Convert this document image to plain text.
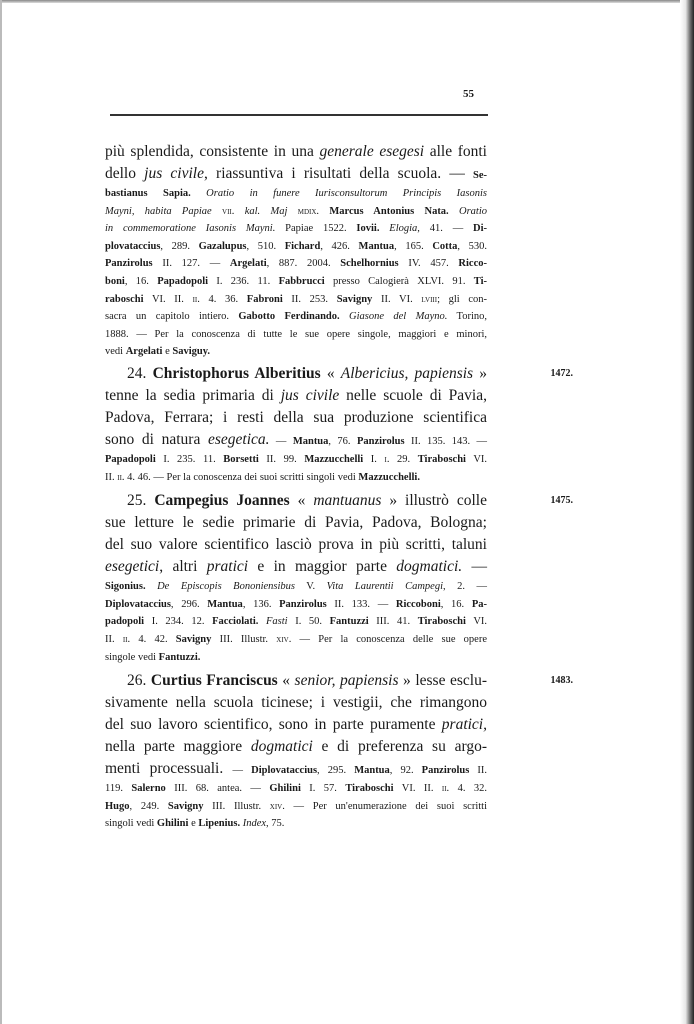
55
più splendida, consistente in una generale esegesi alle fonti
dello jus civile, riassuntiva i risultati della scuola. — Se-
bastianus Sapia. Oratio in funere Iurisconsultorum Principis Iasonis
Mayni, habita Papiae vii. kal. Maj mdix. Marcus Antonius Nata. Oratio
in commemoratione Iasonis Mayni. Papiae 1522. Iovii. Elogia, 41. — Di-
plovataccius, 289. Gazalupus, 510. Fichard, 426. Mantua, 165. Cotta, 530.
Panzirolus II. 127. — Argelati, 887. 2004. Schelhornius IV. 457. Ricco-
boni, 16. Papadopoli I. 236. 11. Fabbrucci presso Calogierà XLVI. 91. Ti-
raboschi VI. II. ii. 4. 36. Fabroni II. 253. Savigny II. VI. lviii; gli con-
sacra un capitolo intiero. Gabotto Ferdinando. Giasone del Mayno. Torino,
1888. — Per la conoscenza di tutte le sue opere singole, maggiori e minori,
vedi Argelati e Saviguy.
1472.
24. Christophorus Alberitius « Albericius, papiensis »
tenne la sedia primaria di jus civile nelle scuole di Pavia,
Padova, Ferrara; i resti della sua produzione scientifica
sono di natura esegetica. — Mantua, 76. Panzirolus II. 135. 143. —
Papadopoli I. 235. 11. Borsetti II. 99. Mazzucchelli I. i. 29. Tiraboschi VI.
II. ii. 4. 46. — Per la conoscenza dei suoi scritti singoli vedi Mazzucchelli.
1475.
25. Campegius Joannes « mantuanus » illustrò colle
sue letture le sedie primarie di Pavia, Padova, Bologna;
del suo valore scientifico lasciò prova in più scritti, taluni
esegetici, altri pratici e in maggior parte dogmatici. —
Sigonius. De Episcopis Bononiensibus V. Vita Laurentii Campegi, 2. —
Diplovataccius, 296. Mantua, 136. Panzirolus II. 133. — Riccoboni, 16. Pa-
padopoli I. 234. 12. Facciolati. Fasti I. 50. Fantuzzi III. 41. Tiraboschi VI.
II. ii. 4. 42. Savigny III. Illustr. xiv. — Per la conoscenza delle sue opere
singole vedi Fantuzzi.
1483.
26. Curtius Franciscus « senior, papiensis » lesse esclu-
sivamente nella scuola ticinese; i vestigii, che rimangono
del suo lavoro scientifico, sono in parte puramente pratici,
nella parte maggiore dogmatici e di preferenza su argo-
menti processuali. — Diplovataccius, 295. Mantua, 92. Panzirolus II.
119. Salerno III. 68. antea. — Ghilini I. 57. Tiraboschi VI. II. ii. 4. 32.
Hugo, 249. Savigny III. Illustr. xiv. — Per un'enumerazione dei suoi scritti
singoli vedi Ghilini e Lipenius. Index, 75.
